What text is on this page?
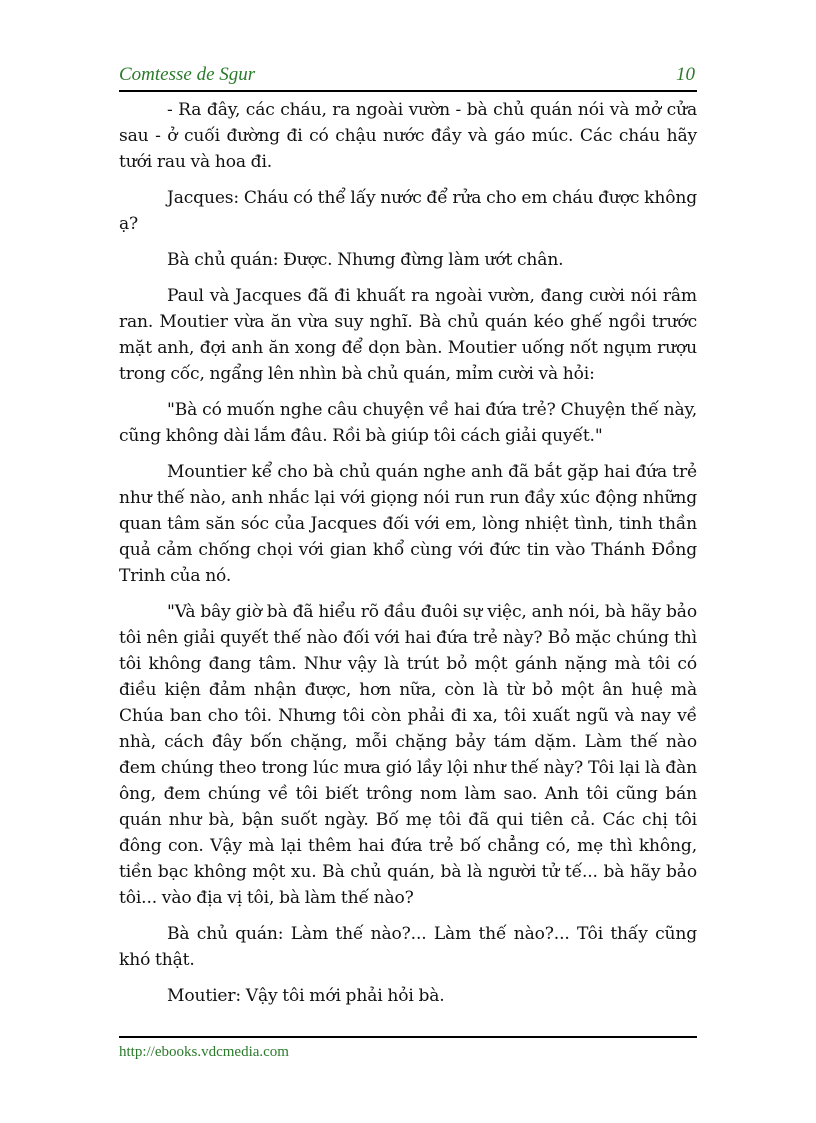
Comtesse de Sgur	10

- Ra đây, các cháu, ra ngoài vườn - bà chủ quán nói và mở cửa sau - ở cuối đường đi có chậu nước đầy và gáo múc. Các cháu hãy tưới rau và hoa đi.

Jacques: Cháu có thể lấy nước để rửa cho em cháu được không ạ?

Bà chủ quán: Được. Nhưng đừng làm ướt chân.

Paul và Jacques đã đi khuất ra ngoài vườn, đang cười nói râm ran. Moutier vừa ăn vừa suy nghĩ. Bà chủ quán kéo ghế ngồi trước mặt anh, đợi anh ăn xong để dọn bàn. Moutier uống nốt ngụm rượu trong cốc, ngẩng lên nhìn bà chủ quán, mỉm cười và hỏi:

"Bà có muốn nghe câu chuyện về hai đứa trẻ? Chuyện thế này, cũng không dài lắm đâu. Rồi bà giúp tôi cách giải quyết."

Mountier kể cho bà chủ quán nghe anh đã bắt gặp hai đứa trẻ như thế nào, anh nhắc lại với giọng nói run run đầy xúc động những quan tâm săn sóc của Jacques đối với em, lòng nhiệt tình, tinh thần quả cảm chống chọi với gian khổ cùng với đức tin vào Thánh Đồng Trinh của nó.

"Và bây giờ bà đã hiểu rõ đầu đuôi sự việc, anh nói, bà hãy bảo tôi nên giải quyết thế nào đối với hai đứa trẻ này? Bỏ mặc chúng thì tôi không đang tâm. Như vậy là trút bỏ một gánh nặng mà tôi có điều kiện đảm nhận được, hơn nữa, còn là từ bỏ một ân huệ mà Chúa ban cho tôi. Nhưng tôi còn phải đi xa, tôi xuất ngũ và nay về nhà, cách đây bốn chặng, mỗi chặng bảy tám dặm. Làm thế nào đem chúng theo trong lúc mưa gió lầy lội như thế này? Tôi lại là đàn ông, đem chúng về tôi biết trông nom làm sao. Anh tôi cũng bán quán như bà, bận suốt ngày. Bố mẹ tôi đã qui tiên cả. Các chị tôi đông con. Vậy mà lại thêm hai đứa trẻ bố chẳng có, mẹ thì không, tiền bạc không một xu. Bà chủ quán, bà là người tử tế... bà hãy bảo tôi... vào địa vị tôi, bà làm thế nào?

Bà chủ quán: Làm thế nào?... Làm thế nào?... Tôi thấy cũng khó thật.

Moutier: Vậy tôi mới phải hỏi bà.

http://ebooks.vdcmedia.com
